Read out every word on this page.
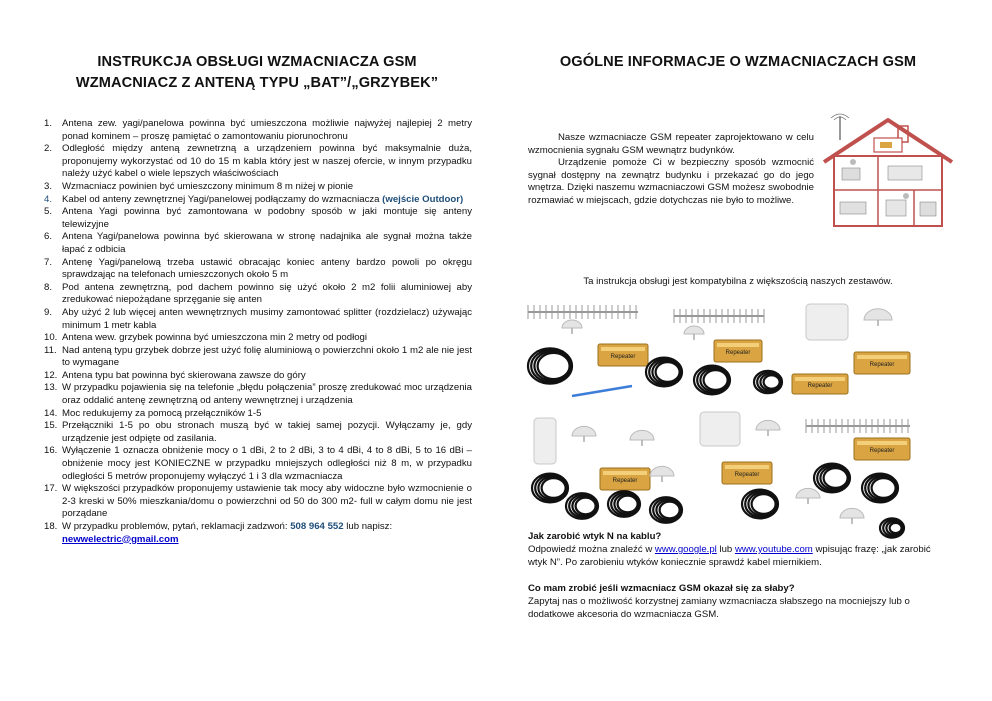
INSTRUKCJA OBSŁUGI WZMACNIACZA GSM
WZMACNIACZ Z ANTENĄ TYPU „BAT”/„GRZYBEK”
1.	Antena zew. yagi/panelowa powinna być umieszczona możliwie najwyżej najlepiej 2 metry ponad kominem – proszę pamiętać o zamontowaniu piorunochronu
2.	Odległość między anteną zewnetrzną a urządzeniem powinna być maksymalnie duża, proponujemy wykorzystać od 10 do 15 m kabla który jest w naszej ofercie, w innym przypadku należy użyć kabel o wiele lepszych właściwościach
3.	Wzmacniacz powinien być umieszczony minimum 8 m niżej w pionie
4.	Kabel od anteny zewnętrznej Yagi/panelowej podłączamy do wzmacniacza (wejście Outdoor)
5.	Antena Yagi powinna być zamontowana w podobny sposób w jaki montuje się anteny telewizyjne
6.	Antena Yagi/panelowa powinna być skierowana w stronę nadajnika ale sygnał można także łapać z odbicia
7.	Antenę Yagi/panelową trzeba ustawić obracając koniec anteny bardzo powoli po okręgu sprawdzając na telefonach umieszczonych około 5 m
8.	Pod antena zewnętrzną, pod dachem powinno się użyć około 2 m2 folii aluminiowej aby zredukować niepożądane sprzęganie się anten
9.	Aby użyć 2 lub więcej anten wewnętrznych musimy zamontować splitter (rozdzielacz) używając minimum 1 metr kabla
10. Antena wew. grzybek powinna być umieszczona min 2 metry od podłogi
11. Nad anteną typu grzybek dobrze jest użyć folię aluminiową o powierzchni około 1 m2 ale nie jest to wymagane
12. Antena typu bat powinna być skierowana zawsze do góry
13. W przypadku pojawienia się na telefonie „błędu połączenia” proszę zredukować moc urządzenia oraz oddalić antenę zewnętrzną od anteny wewnętrznej i urządzenia
14. Moc redukujemy za pomocą przełączników 1-5
15. Przełączniki 1-5 po obu stronach muszą być w takiej samej pozycji. Wyłączamy je, gdy urządzenie jest odpięte od zasilania.
16. Wyłączenie 1 oznacza obniżenie mocy o 1 dBi, 2 to 2 dBi, 3 to 4 dBi, 4 to 8 dBi, 5 to 16 dBi – obniżenie mocy jest KONIECZNE w przypadku mniejszych odległości niż 8 m, w przypadku odległości 5 metrów proponujemy wyłączyć 1 i 3 dla wzmacniacza
17. W większości przypadków proponujemy ustawienie tak mocy aby widoczne było wzmocnienie o 2-3 kreski w 50% mieszkania/domu o powierzchni od 50 do 300 m2- full w całym domu nie jest porządane
18. W przypadku problemów, pytań, reklamacji zadzwoń: 508 964 552 lub napisz:
newwelectric@gmail.com
OGÓLNE INFORMACJE O WZMACNIACZACH GSM

Nasze wzmacniacze GSM repeater zaprojektowano w celu wzmocnienia sygnału GSM wewnątrz budynków.

Urządzenie pomoże Ci w bezpieczny sposób wzmocnić sygnał dostępny na zewnątrz budynku i przekazać go do jego wnętrza. Dzięki naszemu wzmacniaczowi GSM możesz swobodnie rozmawiać w miejscach, gdzie dotychczas nie było to możliwe.

Ta instrukcja obsługi jest kompatybilna z większością naszych zestawów.
Repeater
Repeater
Repeater
Repeater
Repeater
Repeater
Repeater
Jak zarobić wtyk N na kablu?

Odpowiedź można znaleźć w www.google.pl lub www.youtube.com wpisując frazę: „jak zarobić wtyk N”. Po zarobieniu wtyków koniecznie sprawdź kabel miernikiem.

Co mam zrobić jeśli wzmacniacz GSM okazał się za słaby?

Zapytaj nas o możliwość korzystnej zamiany wzmacniacza słabszego na mocniejszy lub o dodatkowe akcesoria do wzmacniacza GSM.
